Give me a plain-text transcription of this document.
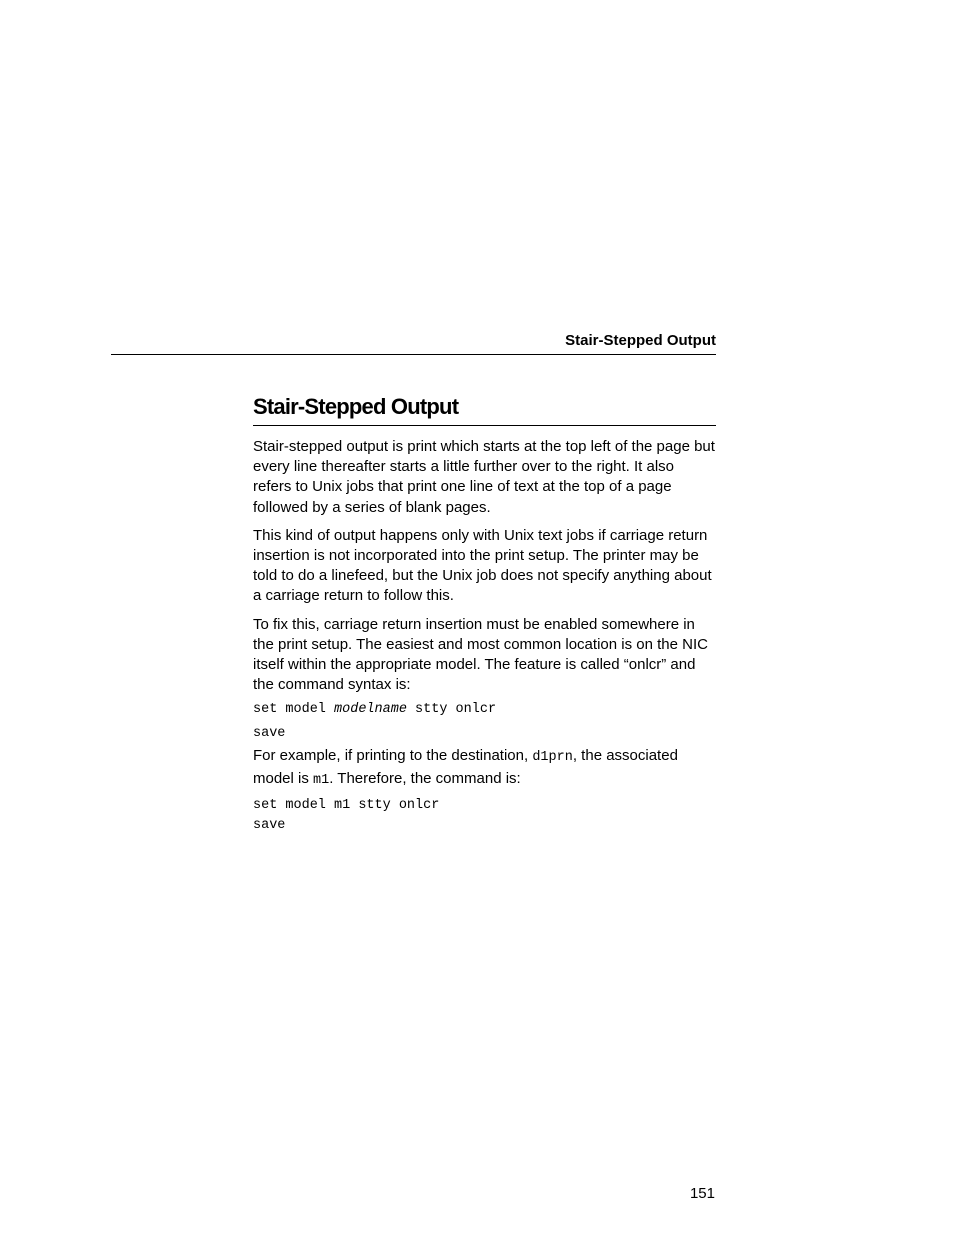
Stair-Stepped Output
Stair-Stepped Output

Stair-stepped output is print which starts at the top left of the page but every line thereafter starts a little further over to the right. It also refers to Unix jobs that print one line of text at the top of a page followed by a series of blank pages.

This kind of output happens only with Unix text jobs if carriage return insertion is not incorporated into the print setup. The printer may be told to do a linefeed, but the Unix job does not specify anything about a carriage return to follow this.

To fix this, carriage return insertion must be enabled somewhere in the print setup. The easiest and most common location is on the NIC itself within the appropriate model. The feature is called “onlcr” and the command syntax is:

set model modelname stty onlcr
save

For example, if printing to the destination, d1prn, the associated model is m1. Therefore, the command is:

set model m1 stty onlcr
save
151
